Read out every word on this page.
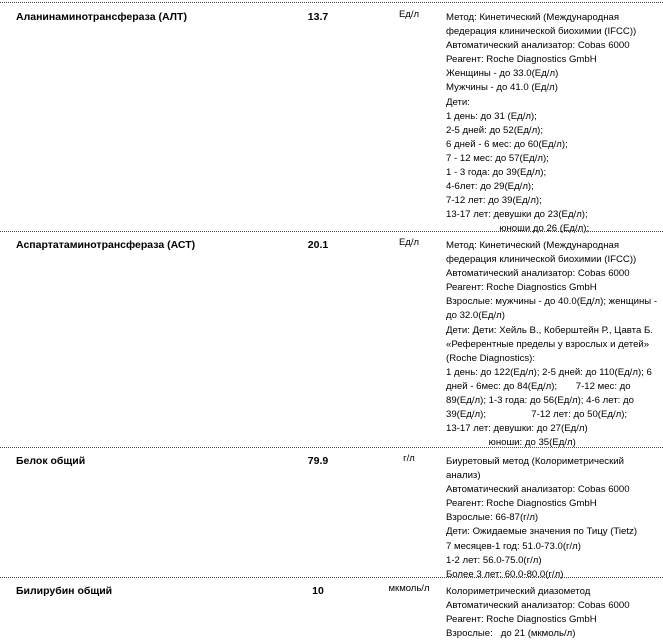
Аланинаминотрансфераза (АЛТ)	13.7	Ед/л	Метод: Кинетический (Международная
федерация клинической биохимии (IFCC))
Автоматический анализатор: Cobas 6000
Реагент: Roche Diagnostics GmbH
Женщины - до 33.0(Ед/л)
Мужчины - до 41.0 (Ед/л)
Дети:
1 день: до 31 (Ед/л);
2-5 дней: до 52(Ед/л);
6 дней - 6 мес: до 60(Ед/л);
7 - 12 мес: до 57(Ед/л);
1 - 3 года: до 39(Ед/л);
4-6лет: до 29(Ед/л);
7-12 лет: до 39(Ед/л);
13-17 лет: девушки до 23(Ед/л);
юноши до 26 (Ед/л);
Аспартатаминотрансфераза (АСТ)	20.1	Ед/л	Метод: Кинетический (Международная
федерация клинической биохимии (IFCC))
Автоматический анализатор: Cobas 6000
Реагент: Roche Diagnostics GmbH
Взрослые: мужчины - до 40.0(Ед/л); женщины -
до 32.0(Ед/л)
Дети: Дети: Хейль В., Коберштейн Р., Цавта Б.
«Референтные пределы у взрослых и детей»
(Roche Diagnostics):
1 день: до 122(Ед/л); 2-5 дней: до 110(Ед/л); 6
дней - 6мес: до 84(Ед/л);       7-12 мес: до
89(Ед/л); 1-3 года: до 56(Ед/л); 4-6 лет: до
39(Ед/л);                 7-12 лет: до 50(Ед/л);
13-17 лет: девушки: до 27(Ед/л)
юноши: до 35(Ед/л)
Белок общий	79.9	г/л	Биуретовый метод (Колориметрический
анализ)
Автоматический анализатор: Cobas 6000
Реагент: Roche Diagnostics GmbH
Взрослые: 66-87(г/л)
Дети: Ожидаемые значения по Тицу (Tietz)
7 месяцев-1 год: 51.0-73.0(г/л)
1-2 лет: 56.0-75.0(г/л)
Более 3 лет: 60.0-80.0(г/л)
Билирубин общий	10	мкмоль/л	Колориметрический диазометод
Автоматический анализатор: Cobas 6000
Реагент: Roche Diagnostics GmbH
Взрослые:   до 21 (мкмоль/л)
